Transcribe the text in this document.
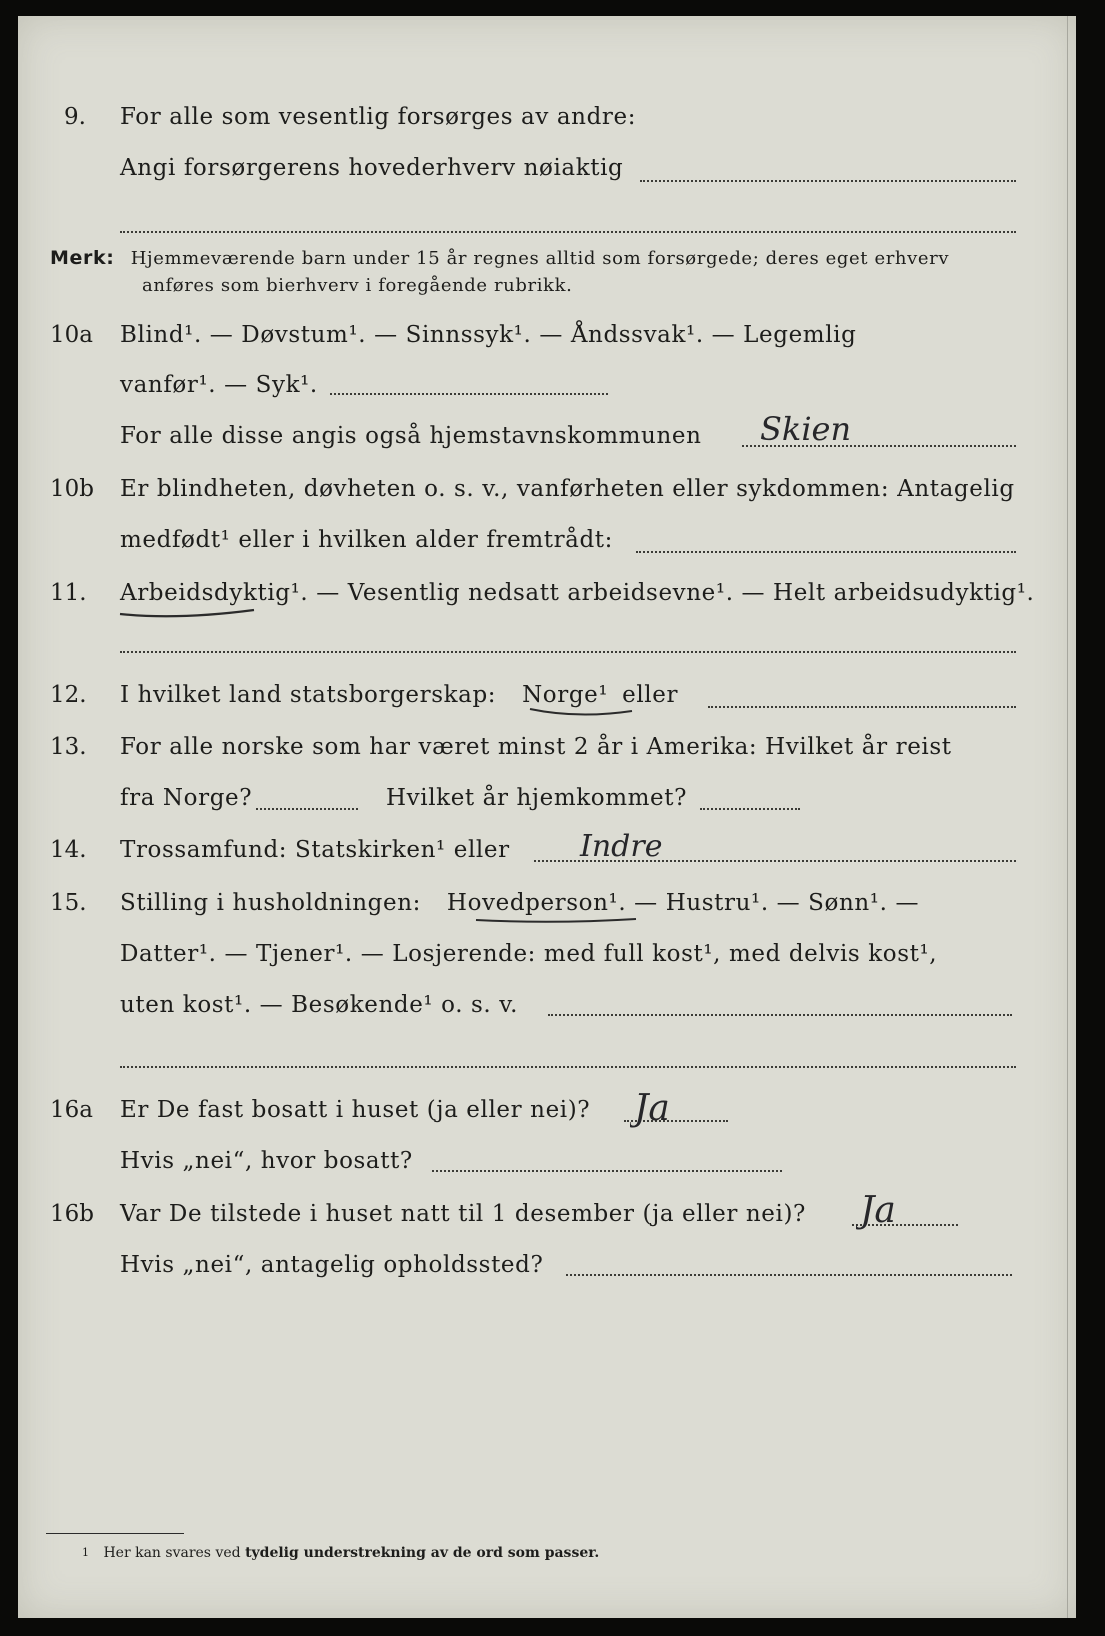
9. For alle som vesentlig forsørges av andre:
Angi forsørgerens hovederhverv nøiaktig
Merk: Hjemmeværende barn under 15 år regnes alltid som forsørgede; deres eget erhverv
anføres som bierhverv i foregående rubrikk.
10a Blind¹. — Døvstum¹. — Sinnssyk¹. — Åndssvak¹. — Legemlig
vanfør¹. — Syk¹.
For alle disse angis også hjemstavnskommunen Skien
10b Er blindheten, døvheten o. s. v., vanførheten eller sykdommen: Antagelig
medfødt¹ eller i hvilken alder fremtrådt:
11. Arbeidsdyktig¹. — Vesentlig nedsatt arbeidsevne¹. — Helt arbeidsudyktig¹.
12. I hvilket land statsborgerskap: Norge¹ eller
13. For alle norske som har været minst 2 år i Amerika: Hvilket år reist
fra Norge?	Hvilket år hjemkommet?
14. Trossamfund: Statskirken¹ eller Indre
15. Stilling i husholdningen: Hovedperson¹. — Hustru¹. — Sønn¹. —
Datter¹. — Tjener¹. — Losjerende: med full kost¹, med delvis kost¹,
uten kost¹. — Besøkende¹ o. s. v.
16a Er De fast bosatt i huset (ja eller nei)? Ja
Hvis „nei“, hvor bosatt?
16b Var De tilstede i huset natt til 1 desember (ja eller nei)? Ja
Hvis „nei“, antagelig opholdssted?
$^1$ Her kan svares ved tydelig understrekning av de ord som passer.
